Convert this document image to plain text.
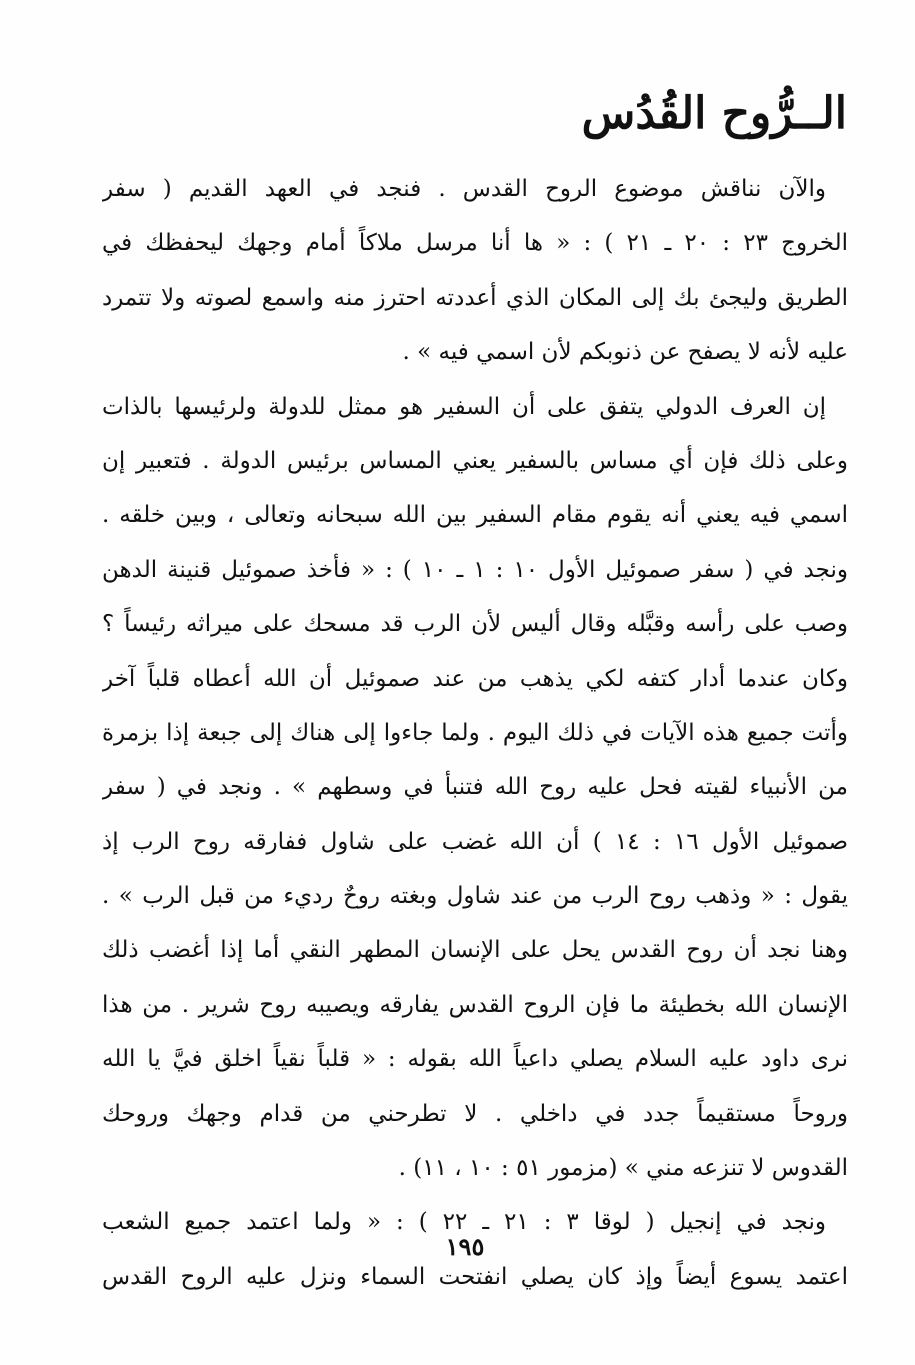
الــرُّوح القُدُس
والآن نناقش موضوع الروح القدس . فنجد في العهد القديم ( سفر
الخروج ٢٣ : ٢٠ ـ ٢١ ) : « ها أنا مرسل ملاكاً أمام وجهك ليحفظك في
الطريق وليجئ بك إلى المكان الذي أعددته احترز منه واسمع لصوته ولا تتمرد
عليه لأنه لا يصفح عن ذنوبكم لأن اسمي فيه » .
إن العرف الدولي يتفق على أن السفير هو ممثل للدولة ولرئيسها بالذات
وعلى ذلك فإن أي مساس بالسفير يعني المساس برئيس الدولة . فتعبير إن
اسمي فيه يعني أنه يقوم مقام السفير بين الله سبحانه وتعالى ، وبين خلقه .
ونجد في ( سفر صموئيل الأول ١٠ : ١ ـ ١٠ ) : « فأخذ صموئيل قنينة الدهن
وصب على رأسه وقبَّله وقال أليس لأن الرب قد مسحك على ميراثه رئيساً ؟
وكان عندما أدار كتفه لكي يذهب من عند صموئيل أن الله أعطاه قلباً آخر
وأتت جميع هذه الآيات في ذلك اليوم . ولما جاءوا إلى هناك إلى جبعة إذا بزمرة
من الأنبياء لقيته فحل عليه روح الله فتنبأ في وسطهم » . ونجد في ( سفر
صموئيل الأول ١٦ : ١٤ ) أن الله غضب على شاول ففارقه روح الرب إذ
يقول : « وذهب روح الرب من عند شاول وبغته روحٌ رديء من قبل الرب » .
وهنا نجد أن روح القدس يحل على الإنسان المطهر النقي أما إذا أغضب ذلك
الإنسان الله بخطيئة ما فإن الروح القدس يفارقه ويصيبه روح شرير . من هذا
نرى داود عليه السلام يصلي داعياً الله بقوله : « قلباً نقياً اخلق فيَّ يا الله
وروحاً مستقيماً جدد في داخلي . لا تطرحني من قدام وجهك وروحك
القدوس لا تنزعه مني » (مزمور ٥١ : ١٠ ، ١١) .
ونجد في إنجيل ( لوقا ٣ : ٢١ ـ ٢٢ ) : « ولما اعتمد جميع الشعب
اعتمد يسوع أيضاً وإذ كان يصلي انفتحت السماء ونزل عليه الروح القدس
١٩٥
